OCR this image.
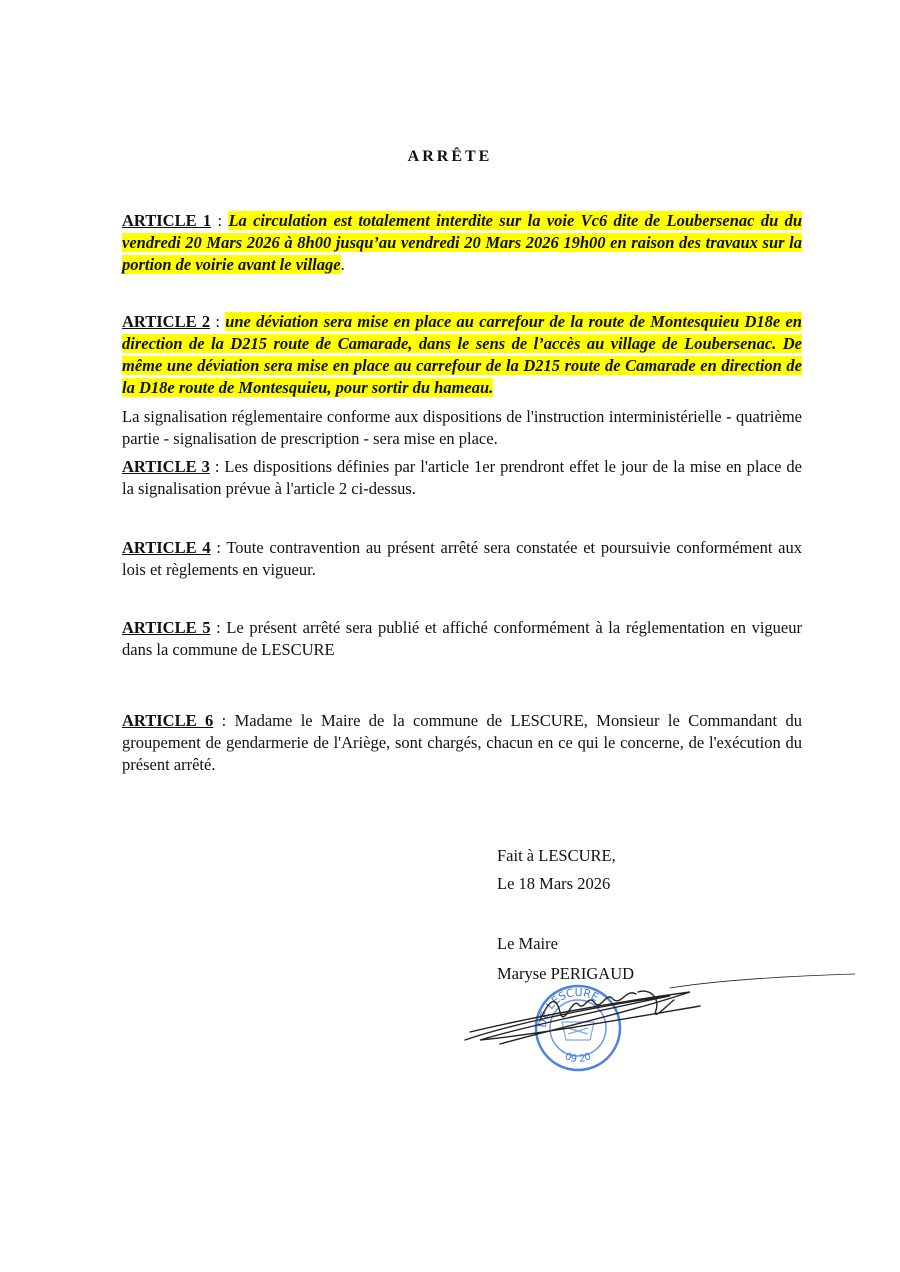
ARRÊTE
ARTICLE 1 : La circulation est totalement interdite sur la voie Vc6 dite de Loubersenac du du vendredi 20 Mars 2026 à 8h00 jusqu’au vendredi 20 Mars 2026 19h00 en raison des travaux sur la portion de voirie avant le village.
ARTICLE 2 : une déviation sera mise en place au carrefour de la route de Montesquieu D18e en direction de la D215 route de Camarade, dans le sens de l’accès au village de Loubersenac. De même une déviation sera mise en place au carrefour de la D215 route de Camarade en direction de la D18e route de Montesquieu, pour sortir du hameau.
La signalisation réglementaire conforme aux dispositions de l'instruction interministérielle - quatrième partie - signalisation de prescription - sera mise en place.
ARTICLE 3 : Les dispositions définies par l'article 1er prendront effet le jour de la mise en place de la signalisation prévue à l'article 2 ci-dessus.
ARTICLE 4 : Toute contravention au présent arrêté sera constatée et poursuivie conformément aux lois et règlements en vigueur.
ARTICLE 5 : Le présent arrêté sera publié et affiché conformément à la réglementation en vigueur dans la commune de LESCURE
ARTICLE 6 : Madame le Maire de la commune de LESCURE, Monsieur le Commandant du groupement de gendarmerie de l'Ariège, sont chargés, chacun en ce qui le concerne, de l'exécution du présent arrêté.
Fait à LESCURE,
Le 18 Mars 2026
Le Maire
Maryse PERIGAUD
DE LESCURE
09 20
